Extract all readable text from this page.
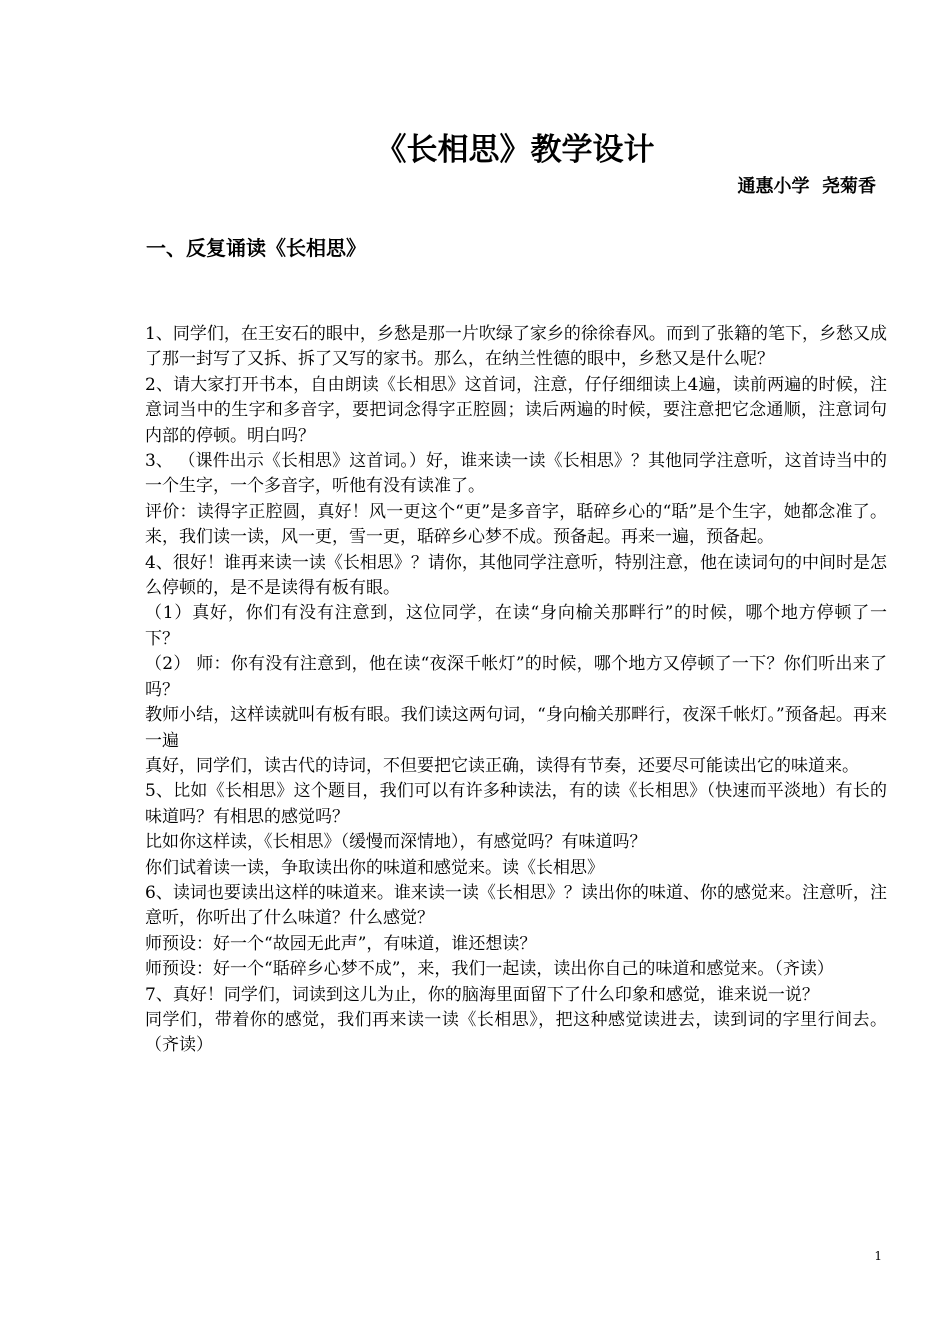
《长相思》教学设计
通惠小学  尧菊香
一、反复诵读《长相思》

1、同学们，在王安石的眼中，乡愁是那一片吹绿了家乡的徐徐春风。而到了张籍的笔下，乡愁又成了那一封写了又拆、拆了又写的家书。那么，在纳兰性德的眼中，乡愁又是什么呢？

2、请大家打开书本，自由朗读《长相思》这首词，注意，仔仔细细读上4遍，读前两遍的时候，注意词当中的生字和多音字，要把词念得字正腔圆；读后两遍的时候，要注意把它念通顺，注意词句内部的停顿。明白吗？

3、 （课件出示《长相思》这首词。）好，谁来读一读《长相思》？其他同学注意听，这首诗当中的一个生字，一个多音字，听他有没有读准了。

评价：读得字正腔圆，真好！风一更这个“更”是多音字，聒碎乡心的“聒”是个生字，她都念准了。来，我们读一读，风一更，雪一更，聒碎乡心梦不成。预备起。再来一遍，预备起。

4、很好！谁再来读一读《长相思》？请你，其他同学注意听，特别注意，他在读词句的中间时是怎么停顿的，是不是读得有板有眼。

（1）真好，你们有没有注意到，这位同学，在读“身向榆关那畔行”的时候，哪个地方停顿了一下？

（2） 师：你有没有注意到，他在读“夜深千帐灯”的时候，哪个地方又停顿了一下？你们听出来了吗？

教师小结，这样读就叫有板有眼。我们读这两句词，“身向榆关那畔行，夜深千帐灯。”预备起。再来一遍

真好，同学们，读古代的诗词，不但要把它读正确，读得有节奏，还要尽可能读出它的味道来。

5、比如《长相思》这个题目，我们可以有许多种读法，有的读《长相思》（快速而平淡地）有长的味道吗？有相思的感觉吗？

比如你这样读，《长相思》（缓慢而深情地），有感觉吗？有味道吗？

你们试着读一读，争取读出你的味道和感觉来。读《长相思》

6、读词也要读出这样的味道来。谁来读一读《长相思》？读出你的味道、你的感觉来。注意听，注意听，你听出了什么味道？什么感觉？

师预设：好一个“故园无此声”，有味道，谁还想读？

师预设：好一个“聒碎乡心梦不成”，来，我们一起读，读出你自己的味道和感觉来。（齐读）

7、真好！同学们，词读到这儿为止，你的脑海里面留下了什么印象和感觉，谁来说一说？

同学们，带着你的感觉，我们再来读一读《长相思》，把这种感觉读进去，读到词的字里行间去。（齐读）

1
